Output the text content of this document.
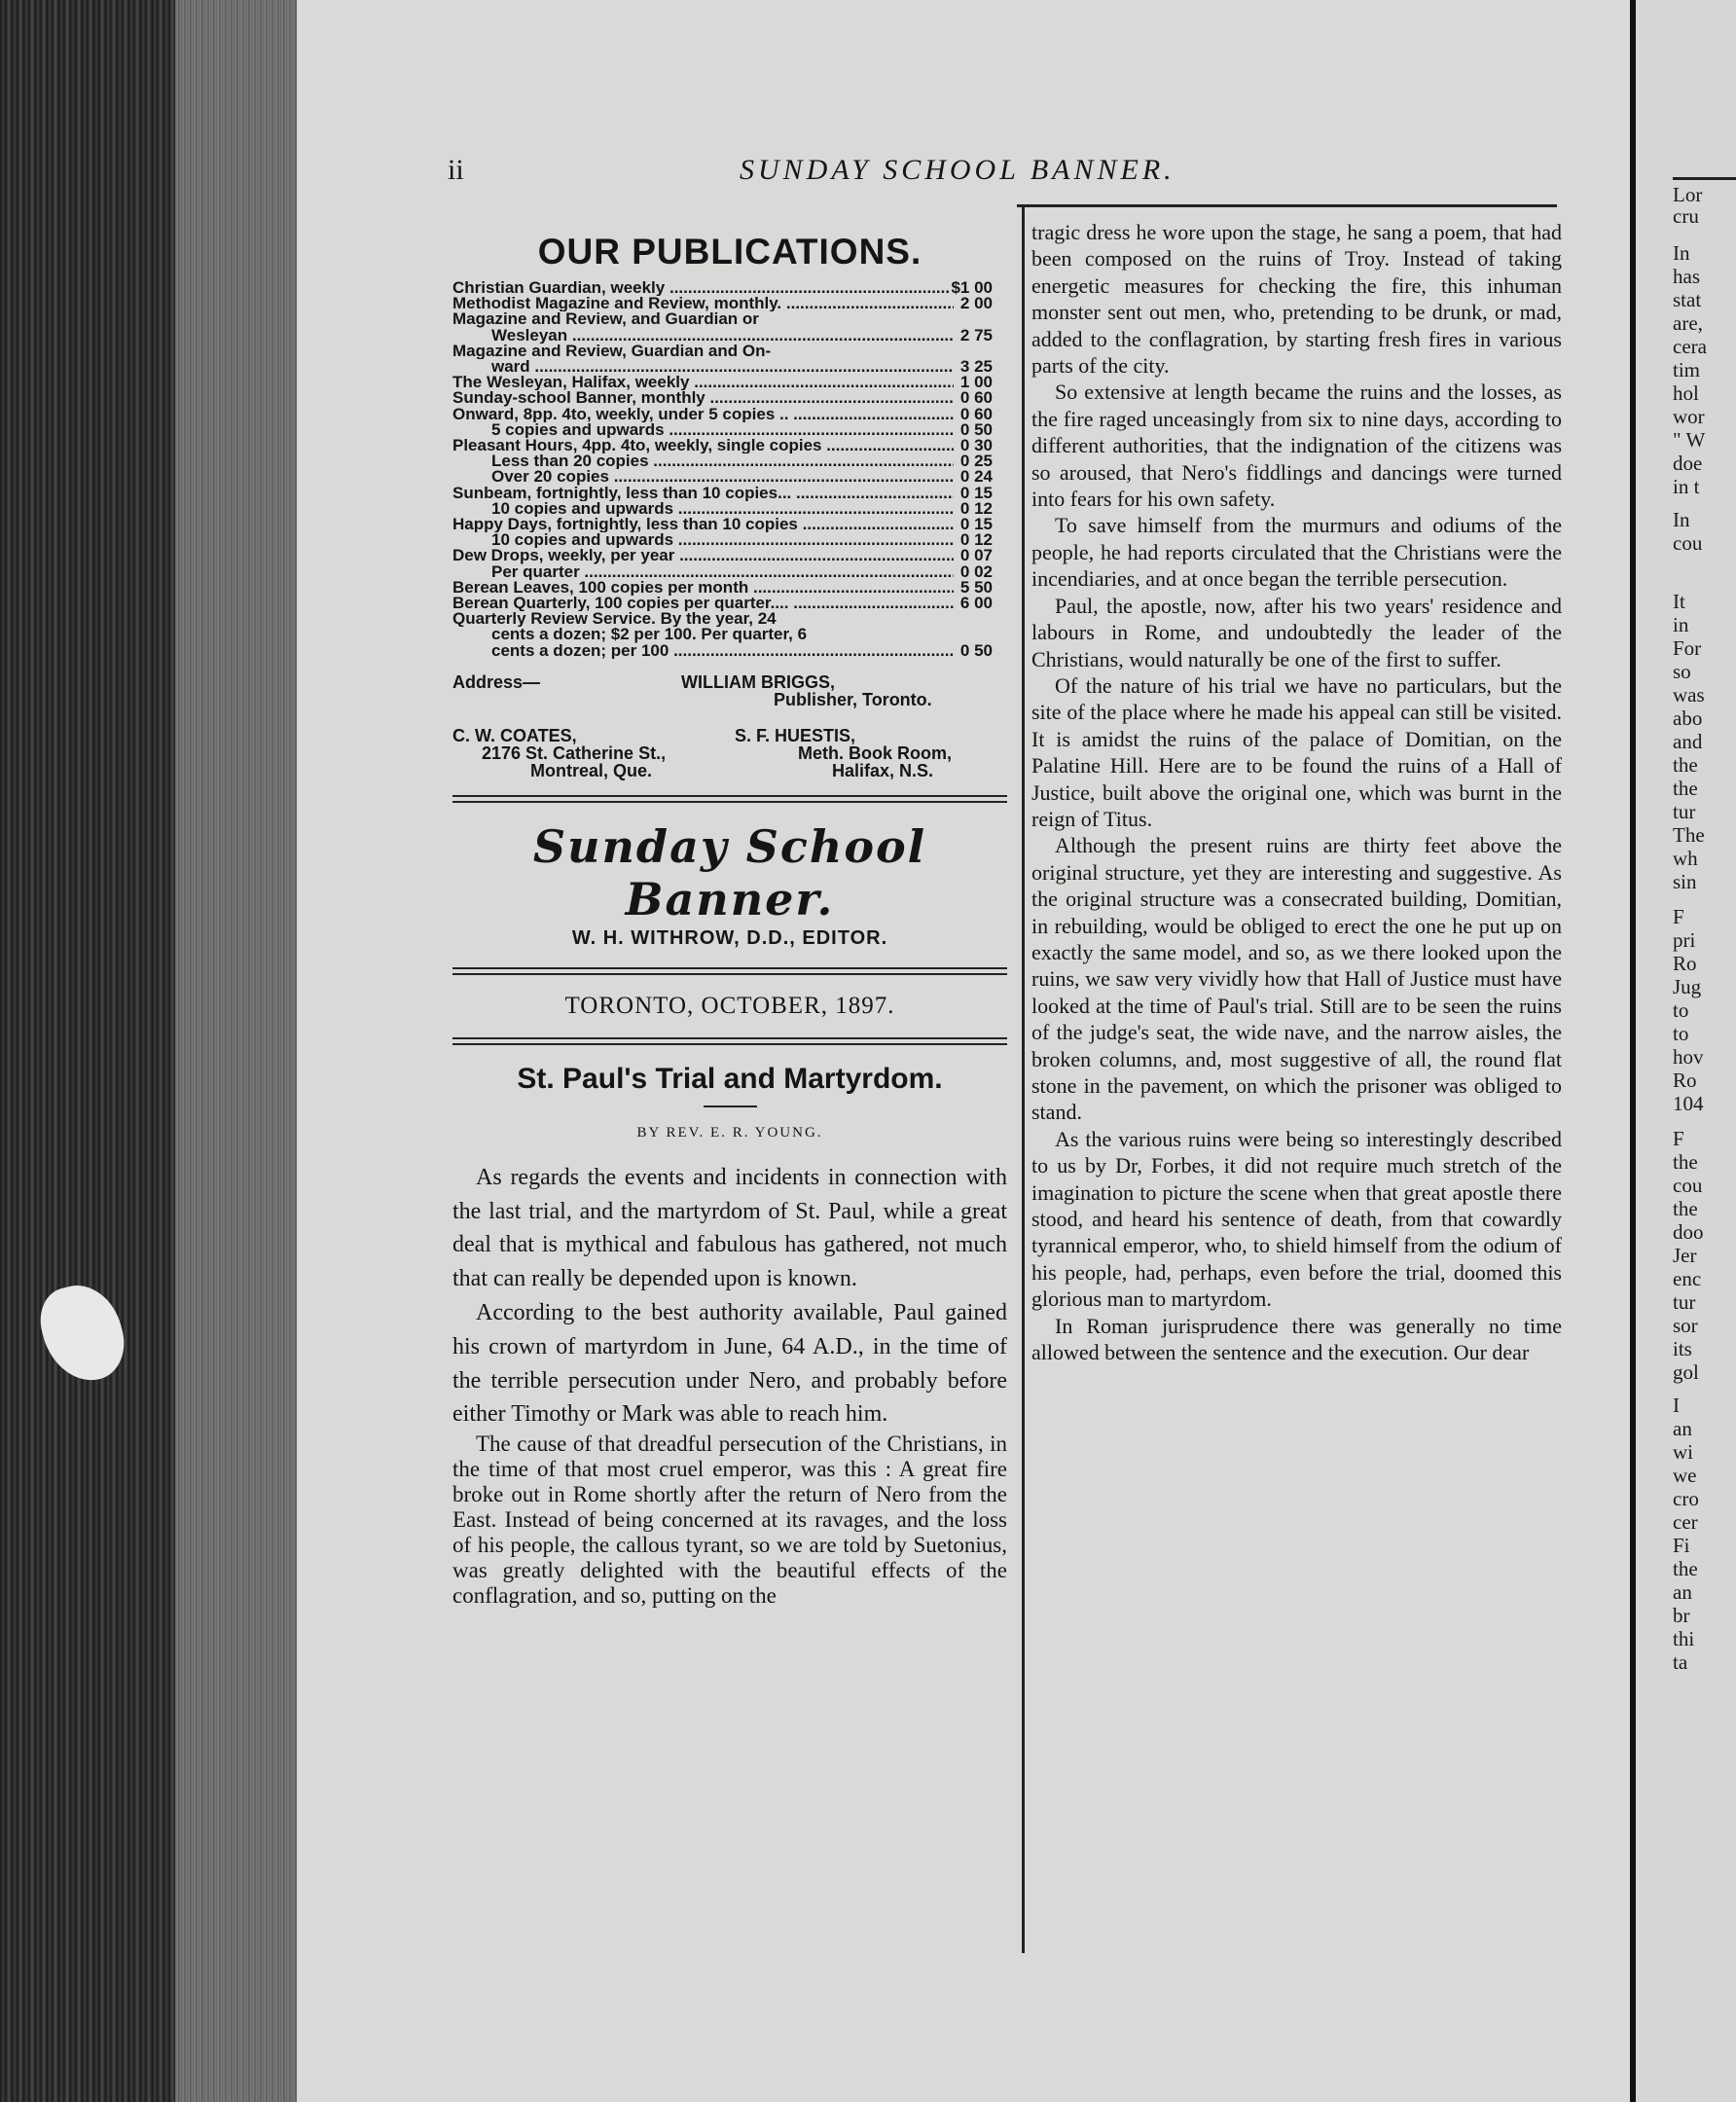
Lor
cru
In
has
stat
are,
cera
tim
hol
wor
" W
doe
in t
In
cou
It
in
For
so
was
abo
and
the
the
tur
The
wh
sin
F
pri
Ro
Jug
to
to
hov
Ro
104
F
the
cou
the
doo
Jer
enc
tur
sor
its
gol
I
an
wi
we
cro
cer
Fi
the
an
br
thi
ta
ii	SUNDAY SCHOOL BANNER.
OUR PUBLICATIONS.
Christian Guardian, weekly .....	$1 00
Methodist Magazine and Review, monthly. .....	2 00
Magazine and Review, and Guardian or
Wesleyan .....	2 75
Magazine and Review, Guardian and On-
ward .....	3 25
The Wesleyan, Halifax, weekly .....	1 00
Sunday-school Banner, monthly .....	0 60
Onward, 8pp. 4to, weekly, under 5 copies .. .....	0 60
5 copies and upwards .....	0 50
Pleasant Hours, 4pp. 4to, weekly, single copies .....	0 30
Less than 20 copies .....	0 25
Over 20 copies .....	0 24
Sunbeam, fortnightly, less than 10 copies... .....	0 15
10 copies and upwards .....	0 12
Happy Days, fortnightly, less than 10 copies .....	0 15
10 copies and upwards .....	0 12
Dew Drops, weekly, per year .....	0 07
Per quarter .....	0 02
Berean Leaves, 100 copies per month .....	5 50
Berean Quarterly, 100 copies per quarter.... .....	6 00
Quarterly Review Service. By the year, 24
cents a dozen; $2 per 100. Per quarter, 6
cents a dozen; per 100 .....	0 50
Address—	WILLIAM BRIGGS,
Publisher, Toronto.
C. W. COATES,
2176 St. Catherine St.,
Montreal, Que.
S. F. HUESTIS,
Meth. Book Room,
Halifax, N.S.
Sunday School Banner.
W. H. WITHROW, D.D., EDITOR.
TORONTO, OCTOBER, 1897.
St. Paul's Trial and Martyrdom.
BY REV. E. R. YOUNG.

As regards the events and incidents in connection with the last trial, and the martyrdom of St. Paul, while a great deal that is mythical and fabulous has gathered, not much that can really be depended upon is known.

According to the best authority available, Paul gained his crown of martyrdom in June, 64 A.D., in the time of the terrible persecution under Nero, and probably before either Timothy or Mark was able to reach him.

The cause of that dreadful persecution of the Christians, in the time of that most cruel emperor, was this : A great fire broke out in Rome shortly after the return of Nero from the East. Instead of being concerned at its ravages, and the loss of his people, the callous tyrant, so we are told by Suetonius, was greatly delighted with the beautiful effects of the conflagration, and so, putting on the

tragic dress he wore upon the stage, he sang a poem, that had been composed on the ruins of Troy. Instead of taking energetic measures for checking the fire, this inhuman monster sent out men, who, pretending to be drunk, or mad, added to the conflagration, by starting fresh fires in various parts of the city.

So extensive at length became the ruins and the losses, as the fire raged unceasingly from six to nine days, according to different authorities, that the indignation of the citizens was so aroused, that Nero's fiddlings and dancings were turned into fears for his own safety.

To save himself from the murmurs and odiums of the people, he had reports circulated that the Christians were the incendiaries, and at once began the terrible persecution.

Paul, the apostle, now, after his two years' residence and labours in Rome, and undoubtedly the leader of the Christians, would naturally be one of the first to suffer.

Of the nature of his trial we have no particulars, but the site of the place where he made his appeal can still be visited. It is amidst the ruins of the palace of Domitian, on the Palatine Hill. Here are to be found the ruins of a Hall of Justice, built above the original one, which was burnt in the reign of Titus.

Although the present ruins are thirty feet above the original structure, yet they are interesting and suggestive. As the original structure was a consecrated building, Domitian, in rebuilding, would be obliged to erect the one he put up on exactly the same model, and so, as we there looked upon the ruins, we saw very vividly how that Hall of Justice must have looked at the time of Paul's trial. Still are to be seen the ruins of the judge's seat, the wide nave, and the narrow aisles, the broken columns, and, most suggestive of all, the round flat stone in the pavement, on which the prisoner was obliged to stand.

As the various ruins were being so interestingly described to us by Dr, Forbes, it did not require much stretch of the imagination to picture the scene when that great apostle there stood, and heard his sentence of death, from that cowardly tyrannical emperor, who, to shield himself from the odium of his people, had, perhaps, even before the trial, doomed this glorious man to martyrdom.

In Roman jurisprudence there was generally no time allowed between the sentence and the execution. Our dear
